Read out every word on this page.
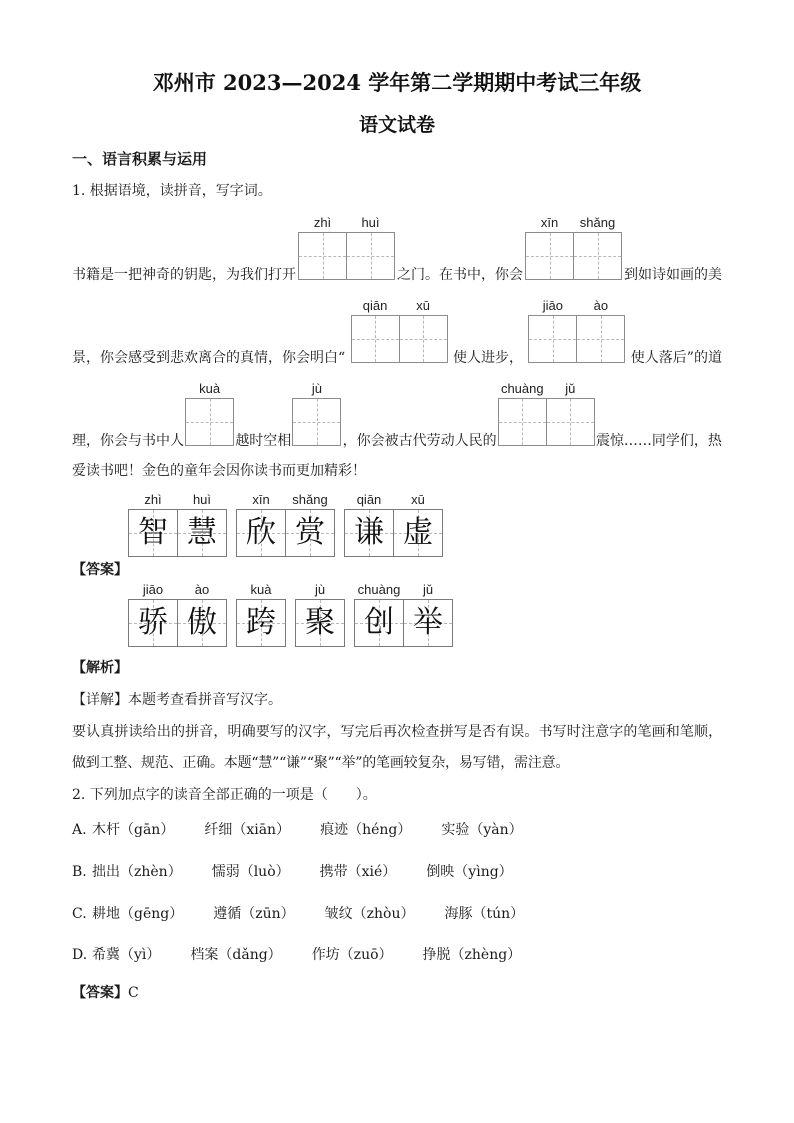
邓州市 2023—2024 学年第二学期期中考试三年级
语文试卷
一、语言积累与运用
1. 根据语境，读拼音，写字词。
书籍是一把神奇的钥匙，为我们打开
zhì	huì
之门。在书中，你会
xīn	shǎng
到如诗如画的美
景，你会感受到悲欢离合的真情，你会明白“
qiān	xū
使人进步，
jiāo	ào
使人落后”的道
理，你会与书中人
kuà
越时空相
jù
，你会被古代劳动人民的
chuàng	jǔ
震惊……同学们，热
爱读书吧！金色的童年会因你读书而更加精彩！
zhì
智
huì
慧
xīn
欣
shǎng
赏
qiān
谦
xū
虚
【答案】
jiāo
骄
ào
傲
kuà
跨
jù
聚
chuàng
创
jǔ
举
【解析】
【详解】本题考查看拼音写汉字。
要认真拼读给出的拼音，明确要写的汉字，写完后再次检查拼写是否有误。书写时注意字的笔画和笔顺，
做到工整、规范、正确。本题“慧”“谦”“聚”“举”的笔画较复杂，易写错，需注意。
2. 下列加点字的读音全部正确的一项是（　　）。
A. 木杆（gān） 纤细（xiān） 痕迹（héng） 实验（yàn）
B. 拙出（zhèn） 懦弱（luò） 携带（xié） 倒映（yìng）
C. 耕地（gēng） 遵循（zūn） 皱纹（zhòu） 海豚（tún）
D. 希冀（yì） 档案（dǎng） 作坊（zuō） 挣脱（zhèng）
【答案】C
